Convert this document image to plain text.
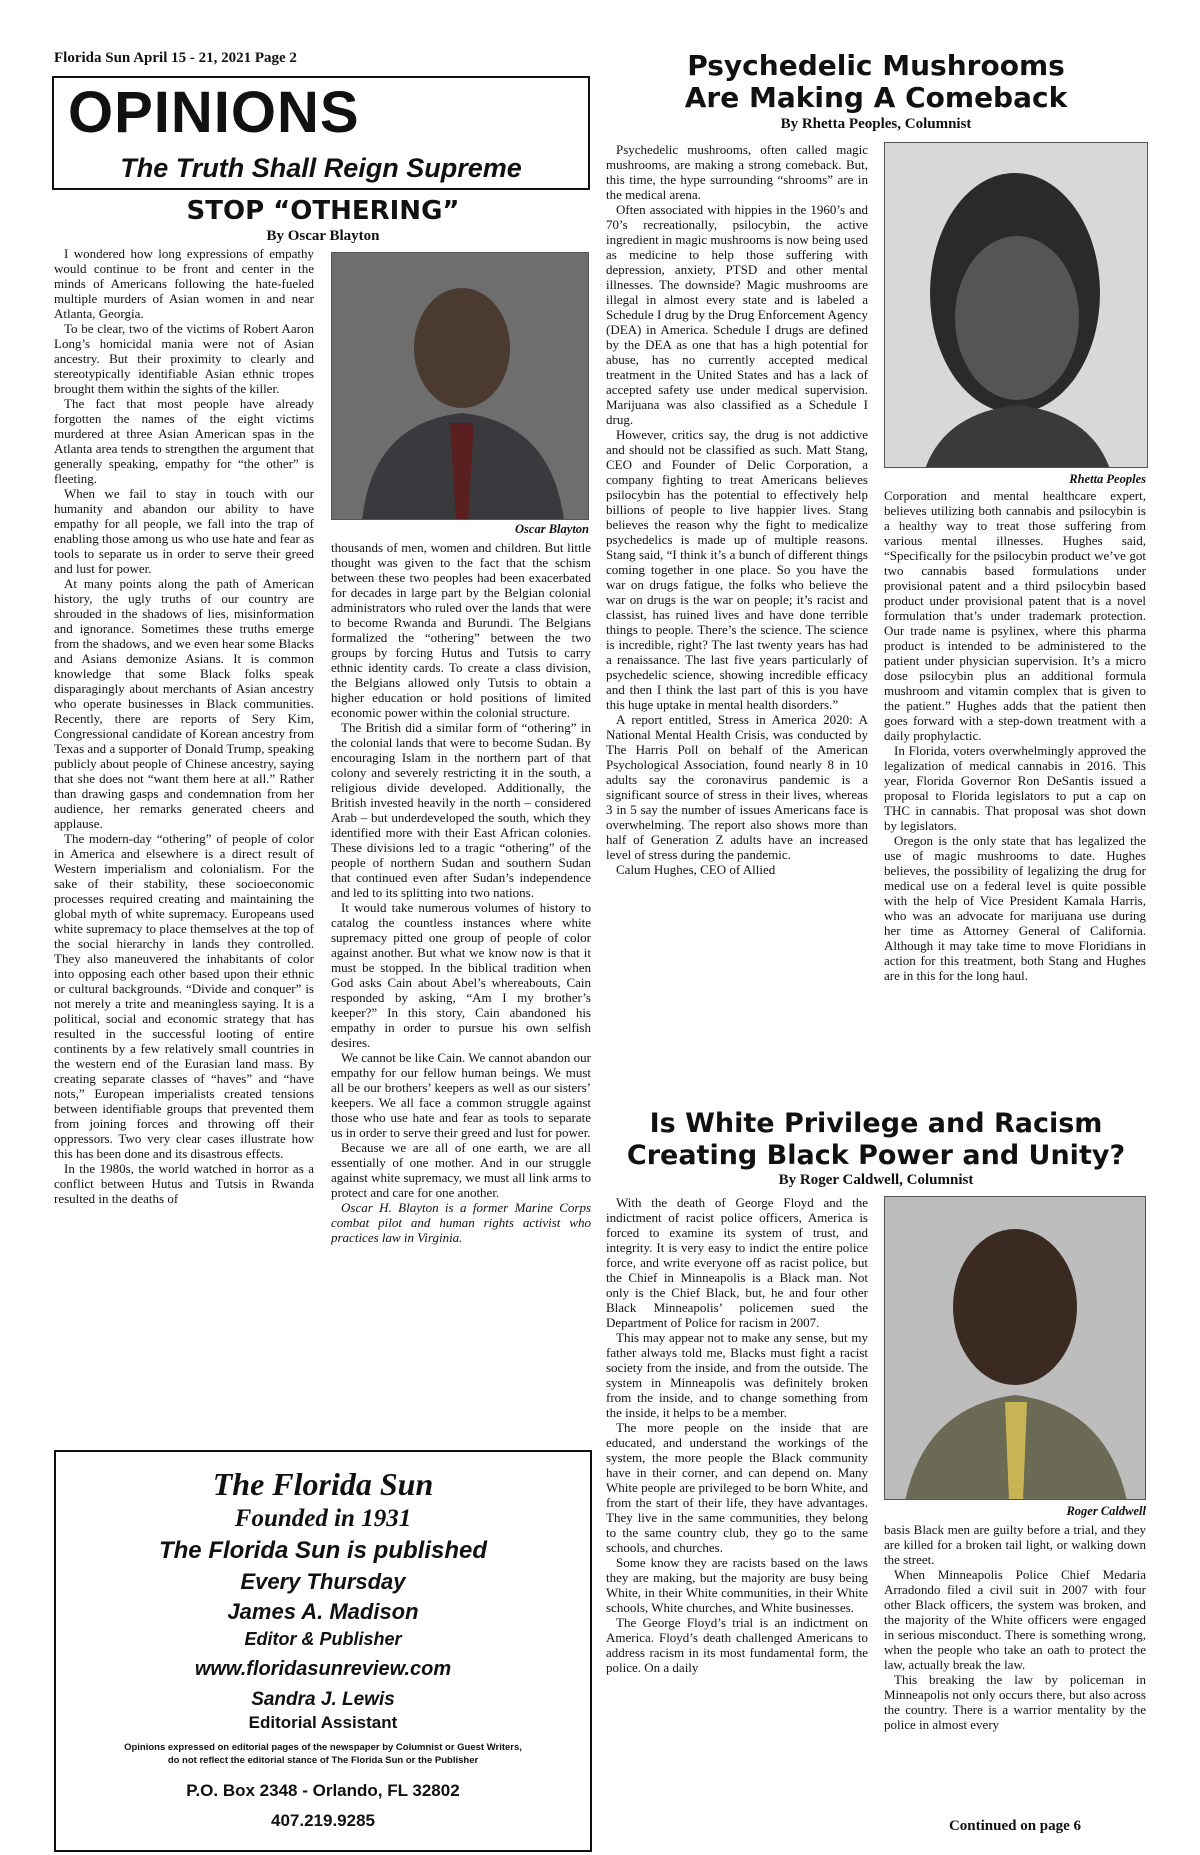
Florida Sun April 15 - 21, 2021 Page 2
OPINIONS
The Truth Shall Reign Supreme
STOP “OTHERING”
By Oscar Blayton

I wondered how long expressions of empathy would continue to be front and center in the minds of Americans following the hate-fueled multiple murders of Asian women in and near Atlanta, Georgia.

To be clear, two of the victims of Robert Aaron Long’s homicidal mania were not of Asian ancestry. But their proximity to clearly and stereotypically identifiable Asian ethnic tropes brought them within the sights of the killer.

The fact that most people have already forgotten the names of the eight victims murdered at three Asian American spas in the Atlanta area tends to strengthen the argument that generally speaking, empathy for “the other” is fleeting.

When we fail to stay in touch with our humanity and abandon our ability to have empathy for all people, we fall into the trap of enabling those among us who use hate and fear as tools to separate us in order to serve their greed and lust for power.

At many points along the path of American history, the ugly truths of our country are shrouded in the shadows of lies, misinformation and ignorance. Sometimes these truths emerge from the shadows, and we even hear some Blacks and Asians demonize Asians. It is common knowledge that some Black folks speak disparagingly about merchants of Asian ancestry who operate businesses in Black communities. Recently, there are reports of Sery Kim, Congressional candidate of Korean ancestry from Texas and a supporter of Donald Trump, speaking publicly about people of Chinese ancestry, saying that she does not “want them here at all.” Rather than drawing gasps and condemnation from her audience, her remarks generated cheers and applause.

The modern-day “othering” of people of color in America and elsewhere is a direct result of Western imperialism and colonialism. For the sake of their stability, these socioeconomic processes required creating and maintaining the global myth of white supremacy. Europeans used white supremacy to place themselves at the top of the social hierarchy in lands they controlled. They also maneuvered the inhabitants of color into opposing each other based upon their ethnic or cultural backgrounds. “Divide and conquer” is not merely a trite and meaningless saying. It is a political, social and economic strategy that has resulted in the successful looting of entire continents by a few relatively small countries in the western end of the Eurasian land mass. By creating separate classes of “haves” and “have nots,” European imperialists created tensions between identifiable groups that prevented them from joining forces and throwing off their oppressors. Two very clear cases illustrate how this has been done and its disastrous effects.

In the 1980s, the world watched in horror as a conflict between Hutus and Tutsis in Rwanda resulted in the deaths of

Oscar Blayton

thousands of men, women and children. But little thought was given to the fact that the schism between these two peoples had been exacerbated for decades in large part by the Belgian colonial administrators who ruled over the lands that were to become Rwanda and Burundi. The Belgians formalized the “othering” between the two groups by forcing Hutus and Tutsis to carry ethnic identity cards. To create a class division, the Belgians allowed only Tutsis to obtain a higher education or hold positions of limited economic power within the colonial structure.

The British did a similar form of “othering” in the colonial lands that were to become Sudan. By encouraging Islam in the northern part of that colony and severely restricting it in the south, a religious divide developed. Additionally, the British invested heavily in the north – considered Arab – but underdeveloped the south, which they identified more with their East African colonies. These divisions led to a tragic “othering” of the people of northern Sudan and southern Sudan that continued even after Sudan’s independence and led to its splitting into two nations.

It would take numerous volumes of history to catalog the countless instances where white supremacy pitted one group of people of color against another. But what we know now is that it must be stopped. In the biblical tradition when God asks Cain about Abel’s whereabouts, Cain responded by asking, “Am I my brother’s keeper?” In this story, Cain abandoned his empathy in order to pursue his own selfish desires.

We cannot be like Cain. We cannot abandon our empathy for our fellow human beings. We must all be our brothers’ keepers as well as our sisters’ keepers. We all face a common struggle against those who use hate and fear as tools to separate us in order to serve their greed and lust for power.

Because we are all of one earth, we are all essentially of one mother. And in our struggle against white supremacy, we must all link arms to protect and care for one another.

Oscar H. Blayton is a former Marine Corps combat pilot and human rights activist who practices law in Virginia.

The Florida Sun
Founded in 1931
The Florida Sun is published
Every Thursday
James A. Madison
Editor & Publisher
www.floridasunreview.com
Sandra J. Lewis
Editorial Assistant
Opinions expressed on editorial pages of the newspaper by Columnist or Guest Writers,
do not reflect the editorial stance of The Florida Sun or the Publisher
P.O. Box 2348 - Orlando, FL 32802
407.219.9285
Psychedelic Mushrooms
Are Making A Comeback
By Rhetta Peoples, Columnist

Psychedelic mushrooms, often called magic mushrooms, are making a strong comeback. But, this time, the hype surrounding “shrooms” are in the medical arena.

Often associated with hippies in the 1960’s and 70’s recreationally, psilocybin, the active ingredient in magic mushrooms is now being used as medicine to help those suffering with depression, anxiety, PTSD and other mental illnesses. The downside? Magic mushrooms are illegal in almost every state and is labeled a Schedule I drug by the Drug Enforcement Agency (DEA) in America. Schedule I drugs are defined by the DEA as one that has a high potential for abuse, has no currently accepted medical treatment in the United States and has a lack of accepted safety use under medical supervision. Marijuana was also classified as a Schedule I drug.

However, critics say, the drug is not addictive and should not be classified as such. Matt Stang, CEO and Founder of Delic Corporation, a company fighting to treat Americans believes psilocybin has the potential to effectively help billions of people to live happier lives. Stang believes the reason why the fight to medicalize psychedelics is made up of multiple reasons. Stang said, “I think it’s a bunch of different things coming together in one place. So you have the war on drugs fatigue, the folks who believe the war on drugs is the war on people; it’s racist and classist, has ruined lives and have done terrible things to people. There’s the science. The science is incredible, right? The last twenty years has had a renaissance. The last five years particularly of psychedelic science, showing incredible efficacy and then I think the last part of this is you have this huge uptake in mental health disorders.”

A report entitled, Stress in America 2020: A National Mental Health Crisis, was conducted by The Harris Poll on behalf of the American Psychological Association, found nearly 8 in 10 adults say the coronavirus pandemic is a significant source of stress in their lives, whereas 3 in 5 say the number of issues Americans face is overwhelming. The report also shows more than half of Generation Z adults have an increased level of stress during the pandemic.

Calum Hughes, CEO of Allied

Rhetta Peoples

Corporation and mental healthcare expert, believes utilizing both cannabis and psilocybin is a healthy way to treat those suffering from various mental illnesses. Hughes said, “Specifically for the psilocybin product we’ve got two cannabis based formulations under provisional patent and a third psilocybin based product under provisional patent that is a novel formulation that’s under trademark protection. Our trade name is psylinex, where this pharma product is intended to be administered to the patient under physician supervision. It’s a micro dose psilocybin plus an additional formula mushroom and vitamin complex that is given to the patient.” Hughes adds that the patient then goes forward with a step-down treatment with a daily prophylactic.

In Florida, voters overwhelmingly approved the legalization of medical cannabis in 2016. This year, Florida Governor Ron DeSantis issued a proposal to Florida legislators to put a cap on THC in cannabis. That proposal was shot down by legislators.

Oregon is the only state that has legalized the use of magic mushrooms to date. Hughes believes, the possibility of legalizing the drug for medical use on a federal level is quite possible with the help of Vice President Kamala Harris, who was an advocate for marijuana use during her time as Attorney General of California. Although it may take time to move Floridians in action for this treatment, both Stang and Hughes are in this for the long haul.

Is White Privilege and Racism
Creating Black Power and Unity?
By Roger Caldwell, Columnist

With the death of George Floyd and the indictment of racist police officers, America is forced to examine its system of trust, and integrity. It is very easy to indict the entire police force, and write everyone off as racist police, but the Chief in Minneapolis is a Black man. Not only is the Chief Black, but, he and four other Black Minneapolis’ policemen sued the Department of Police for racism in 2007.

This may appear not to make any sense, but my father always told me, Blacks must fight a racist society from the inside, and from the outside. The system in Minneapolis was definitely broken from the inside, and to change something from the inside, it helps to be a member.

The more people on the inside that are educated, and understand the workings of the system, the more people the Black community have in their corner, and can depend on. Many White people are privileged to be born White, and from the start of their life, they have advantages. They live in the same communities, they belong to the same country club, they go to the same schools, and churches.

Some know they are racists based on the laws they are making, but the majority are busy being White, in their White communities, in their White schools, White churches, and White businesses.

The George Floyd’s trial is an indictment on America. Floyd’s death challenged Americans to address racism in its most fundamental form, the police. On a daily

Roger Caldwell

basis Black men are guilty before a trial, and they are killed for a broken tail light, or walking down the street.

When Minneapolis Police Chief Medaria Arradondo filed a civil suit in 2007 with four other Black officers, the system was broken, and the majority of the White officers were engaged in serious misconduct. There is something wrong, when the people who take an oath to protect the law, actually break the law.

This breaking the law by policeman in Minneapolis not only occurs there, but also across the country. There is a warrior mentality by the police in almost every

Continued on page 6
